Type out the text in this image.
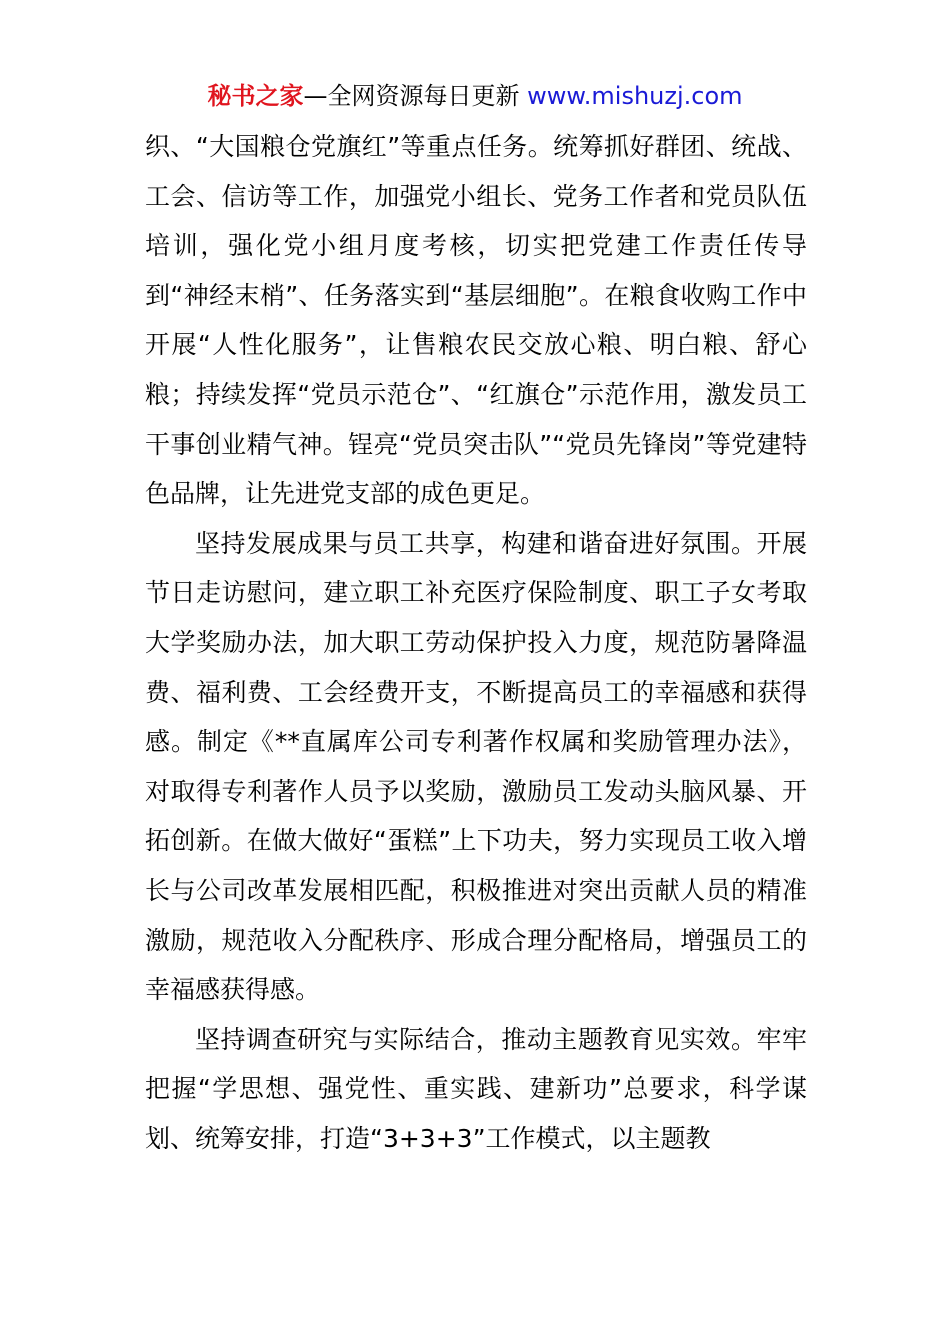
秘书之家—全网资源每日更新 www.mishuzj.com

织、“大国粮仓党旗红”等重点任务。统筹抓好群团、统战、工会、信访等工作，加强党小组长、党务工作者和党员队伍培训，强化党小组月度考核，切实把党建工作责任传导到“神经末梢”、任务落实到“基层细胞”。在粮食收购工作中开展“人性化服务”，让售粮农民交放心粮、明白粮、舒心粮；持续发挥“党员示范仓”、“红旗仓”示范作用，激发员工干事创业精气神。锃亮“党员突击队”“党员先锋岗”等党建特色品牌，让先进党支部的成色更足。

坚持发展成果与员工共享，构建和谐奋进好氛围。开展节日走访慰问，建立职工补充医疗保险制度、职工子女考取大学奖励办法，加大职工劳动保护投入力度，规范防暑降温费、福利费、工会经费开支，不断提高员工的幸福感和获得感。制定《**直属库公司专利著作权属和奖励管理办法》，对取得专利著作人员予以奖励，激励员工发动头脑风暴、开拓创新。在做大做好“蛋糕”上下功夫，努力实现员工收入增长与公司改革发展相匹配，积极推进对突出贡献人员的精准激励，规范收入分配秩序、形成合理分配格局，增强员工的幸福感获得感。

坚持调查研究与实际结合，推动主题教育见实效。牢牢把握“学思想、强党性、重实践、建新功”总要求，科学谋划、统筹安排，打造“3+3+3”工作模式，以主题教
